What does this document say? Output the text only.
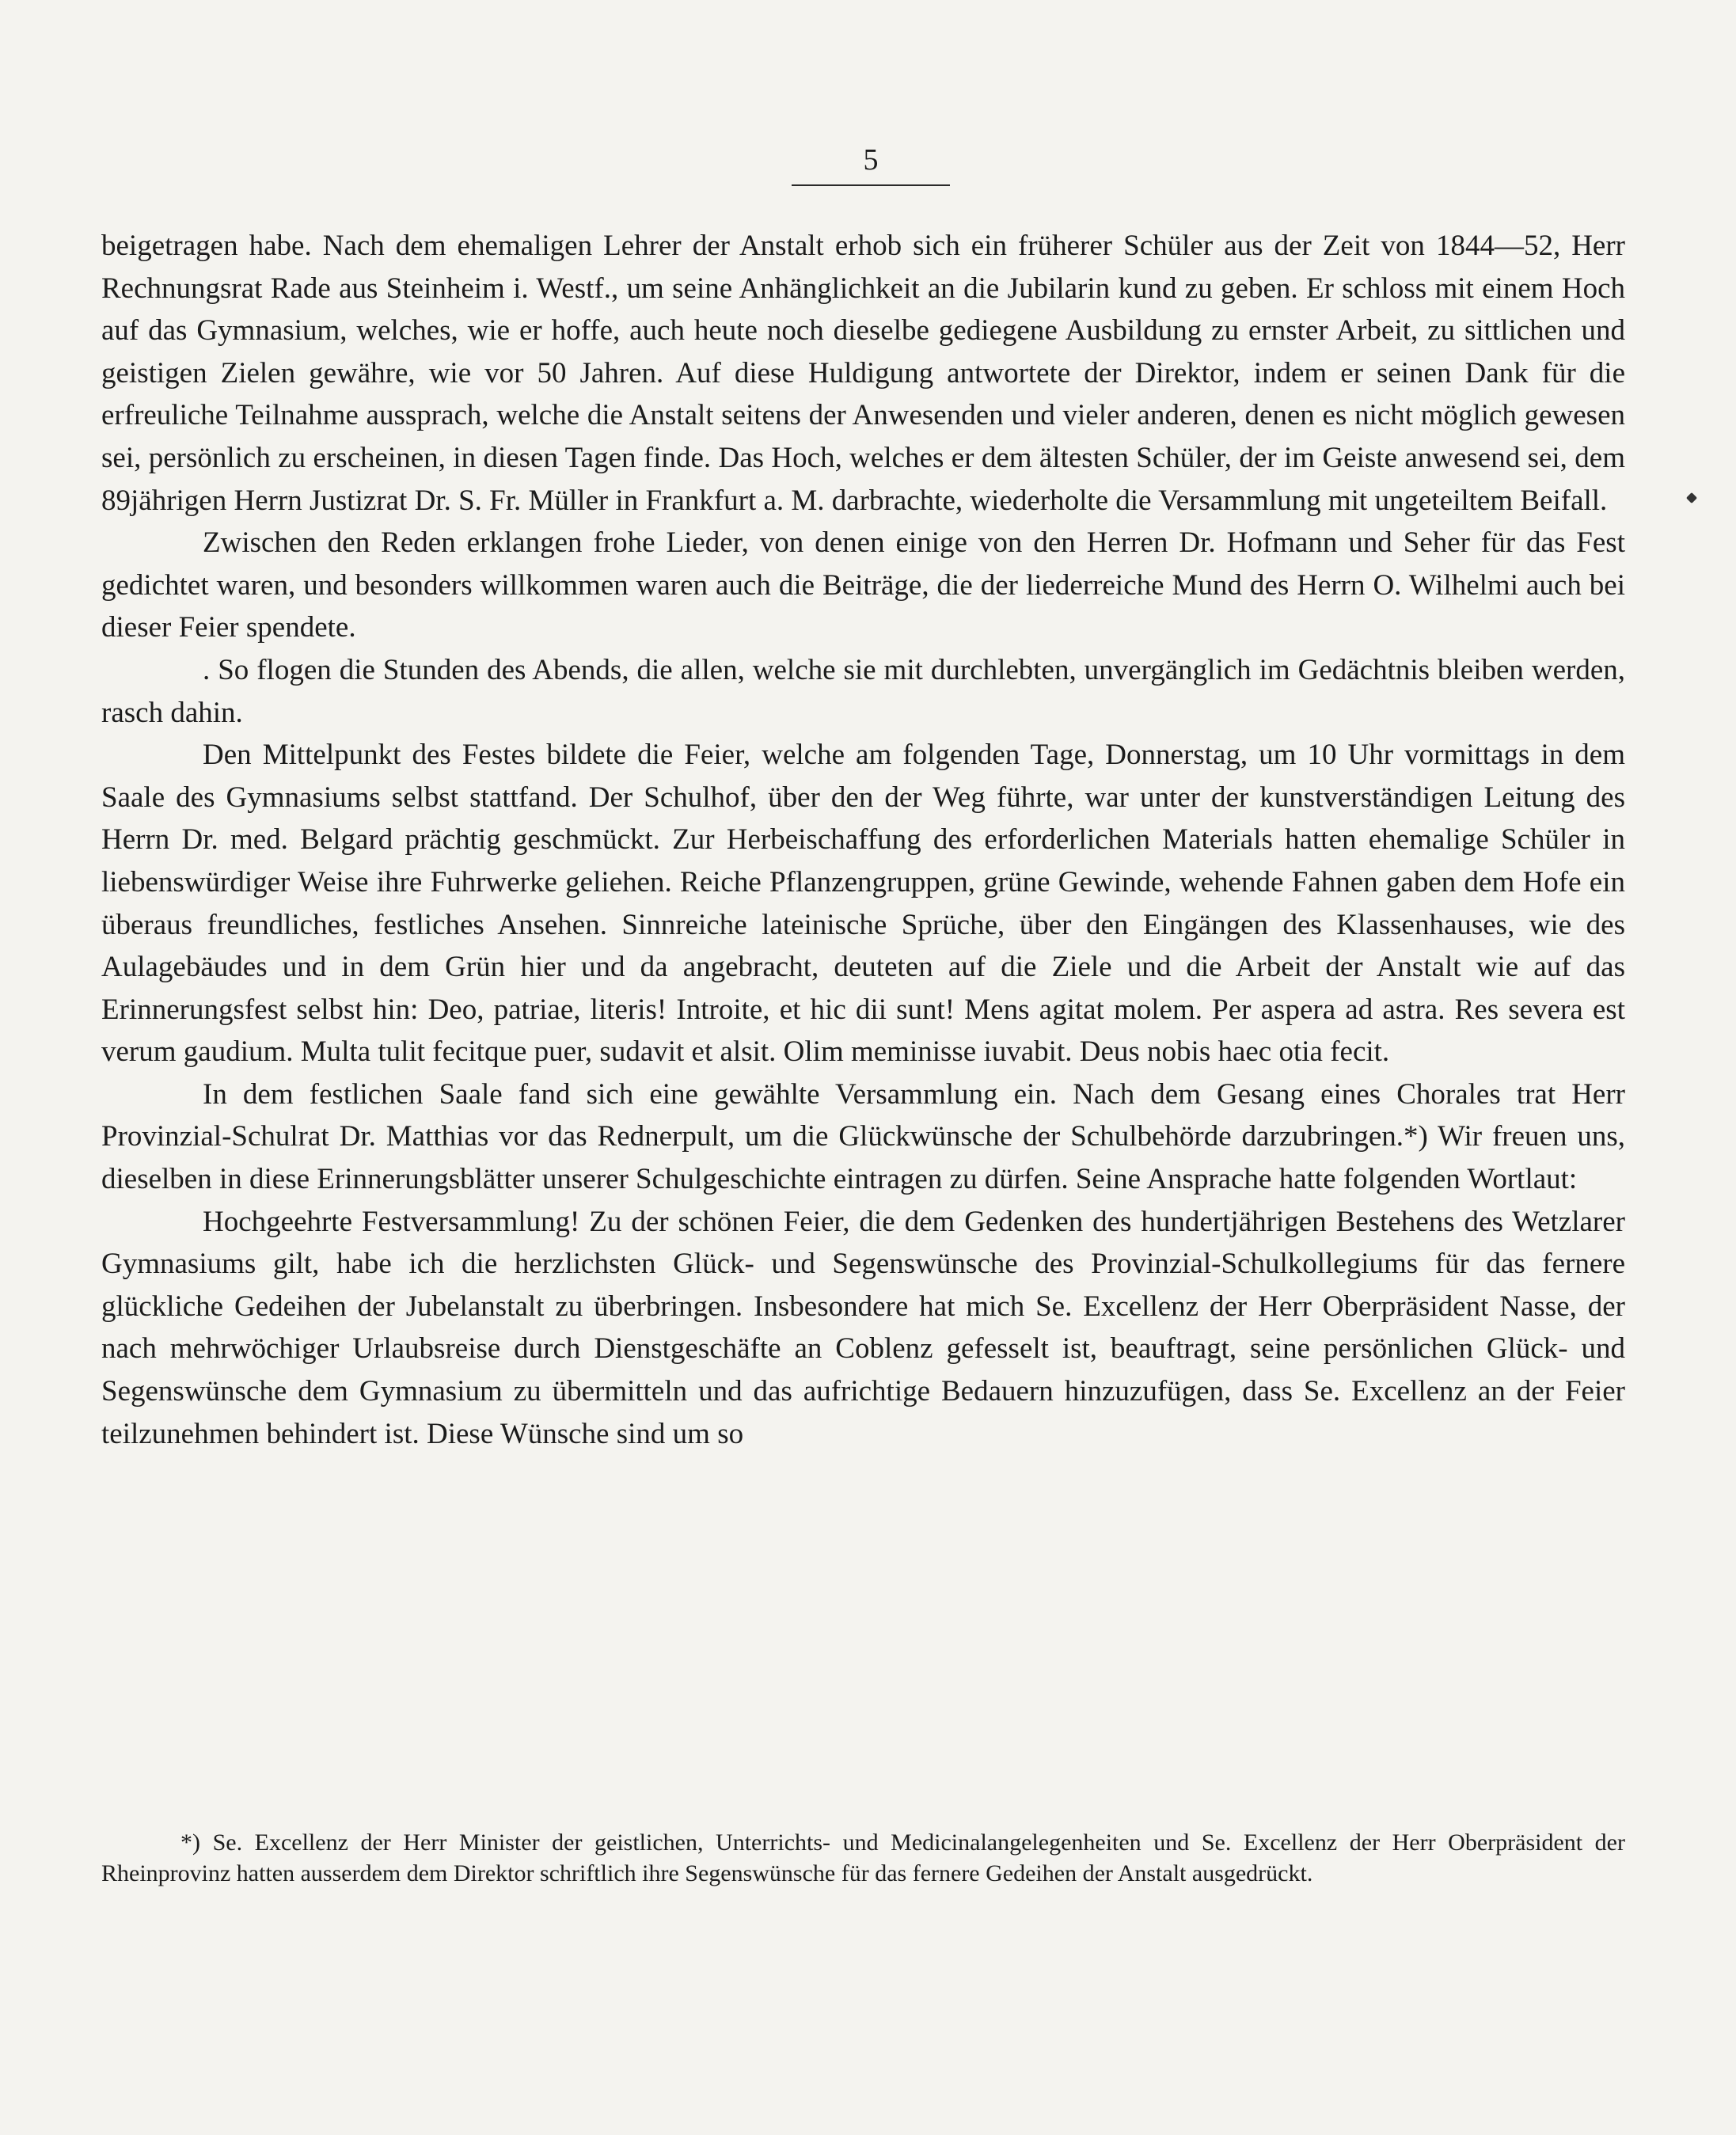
5

beigetragen habe. Nach dem ehemaligen Lehrer der Anstalt erhob sich ein früherer Schüler aus der Zeit von 1844—52, Herr Rechnungsrat Rade aus Steinheim i. Westf., um seine Anhänglichkeit an die Jubilarin kund zu geben. Er schloss mit einem Hoch auf das Gymnasium, welches, wie er hoffe, auch heute noch dieselbe gediegene Ausbildung zu ernster Arbeit, zu sittlichen und geistigen Zielen gewähre, wie vor 50 Jahren. Auf diese Huldigung antwortete der Direktor, indem er seinen Dank für die erfreuliche Teilnahme aussprach, welche die Anstalt seitens der Anwesenden und vieler anderen, denen es nicht möglich gewesen sei, persönlich zu erscheinen, in diesen Tagen finde. Das Hoch, welches er dem ältesten Schüler, der im Geiste anwesend sei, dem 89jährigen Herrn Justizrat Dr. S. Fr. Müller in Frankfurt a. M. darbrachte, wiederholte die Versammlung mit ungeteiltem Beifall.

Zwischen den Reden erklangen frohe Lieder, von denen einige von den Herren Dr. Hofmann und Seher für das Fest gedichtet waren, und besonders willkommen waren auch die Beiträge, die der liederreiche Mund des Herrn O. Wilhelmi auch bei dieser Feier spendete.

. So flogen die Stunden des Abends, die allen, welche sie mit durchlebten, unvergänglich im Gedächtnis bleiben werden, rasch dahin.

Den Mittelpunkt des Festes bildete die Feier, welche am folgenden Tage, Donnerstag, um 10 Uhr vormittags in dem Saale des Gymnasiums selbst stattfand. Der Schulhof, über den der Weg führte, war unter der kunstverständigen Leitung des Herrn Dr. med. Belgard prächtig geschmückt. Zur Herbeischaffung des erforderlichen Materials hatten ehemalige Schüler in liebenswürdiger Weise ihre Fuhrwerke geliehen. Reiche Pflanzengruppen, grüne Gewinde, wehende Fahnen gaben dem Hofe ein überaus freundliches, festliches Ansehen. Sinnreiche lateinische Sprüche, über den Eingängen des Klassenhauses, wie des Aulagebäudes und in dem Grün hier und da angebracht, deuteten auf die Ziele und die Arbeit der Anstalt wie auf das Erinnerungsfest selbst hin: Deo, patriae, literis! Introite, et hic dii sunt! Mens agitat molem. Per aspera ad astra. Res severa est verum gaudium. Multa tulit fecitque puer, sudavit et alsit. Olim meminisse iuvabit. Deus nobis haec otia fecit.

In dem festlichen Saale fand sich eine gewählte Versammlung ein. Nach dem Gesang eines Chorales trat Herr Provinzial-Schulrat Dr. Matthias vor das Rednerpult, um die Glückwünsche der Schulbehörde darzubringen.*) Wir freuen uns, dieselben in diese Erinnerungsblätter unserer Schulgeschichte eintragen zu dürfen. Seine Ansprache hatte folgenden Wortlaut:

Hochgeehrte Festversammlung! Zu der schönen Feier, die dem Gedenken des hundertjährigen Bestehens des Wetzlarer Gymnasiums gilt, habe ich die herzlichsten Glück- und Segenswünsche des Provinzial-Schulkollegiums für das fernere glückliche Gedeihen der Jubelanstalt zu überbringen. Insbesondere hat mich Se. Excellenz der Herr Oberpräsident Nasse, der nach mehrwöchiger Urlaubsreise durch Dienstgeschäfte an Coblenz gefesselt ist, beauftragt, seine persönlichen Glück- und Segenswünsche dem Gymnasium zu übermitteln und das aufrichtige Bedauern hinzuzufügen, dass Se. Excellenz an der Feier teilzunehmen behindert ist. Diese Wünsche sind um so

*) Se. Excellenz der Herr Minister der geistlichen, Unterrichts- und Medicinalangelegenheiten und Se. Excellenz der Herr Oberpräsident der Rheinprovinz hatten ausserdem dem Direktor schriftlich ihre Segenswünsche für das fernere Gedeihen der Anstalt ausgedrückt.
